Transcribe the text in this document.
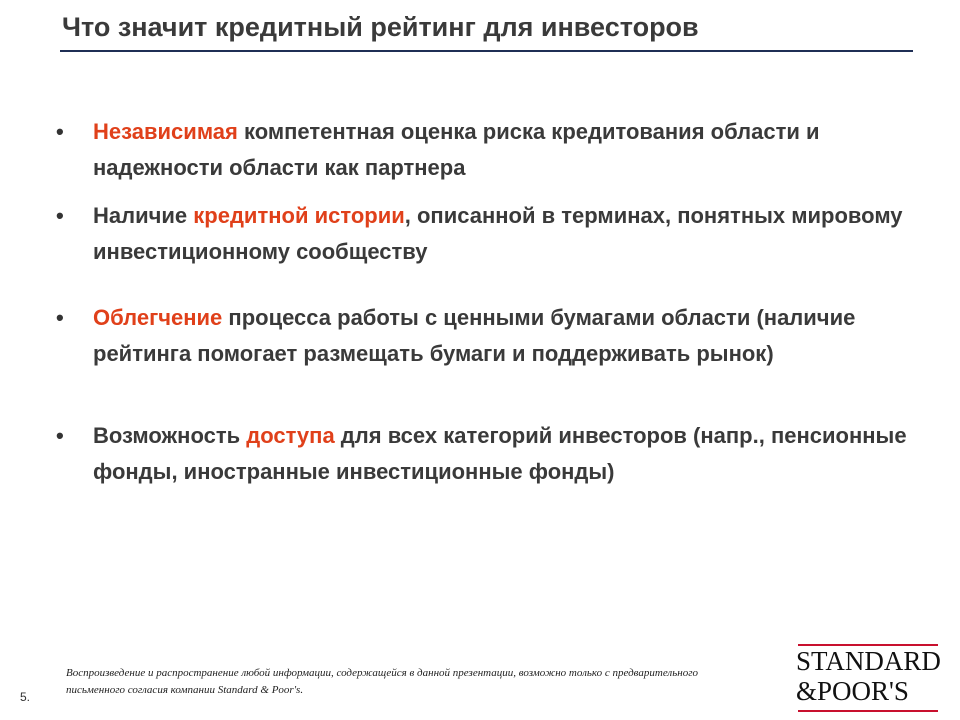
Что значит кредитный рейтинг для инвесторов
• Независимая компетентная оценка риска кредитования области и надежности области как партнера
• Наличие кредитной истории, описанной в терминах, понятных мировому инвестиционному сообществу
• Облегчение процесса работы с ценными бумагами области (наличие рейтинга помогает размещать бумаги и поддерживать рынок)
• Возможность доступа для всех категорий инвесторов (напр., пенсионные фонды, иностранные инвестиционные фонды)
Воспроизведение и распространение любой информации, содержащейся в данной презентации, возможно только с предварительного письменного согласия компании Standard & Poor's.
5.
STANDARD
&POOR'S
